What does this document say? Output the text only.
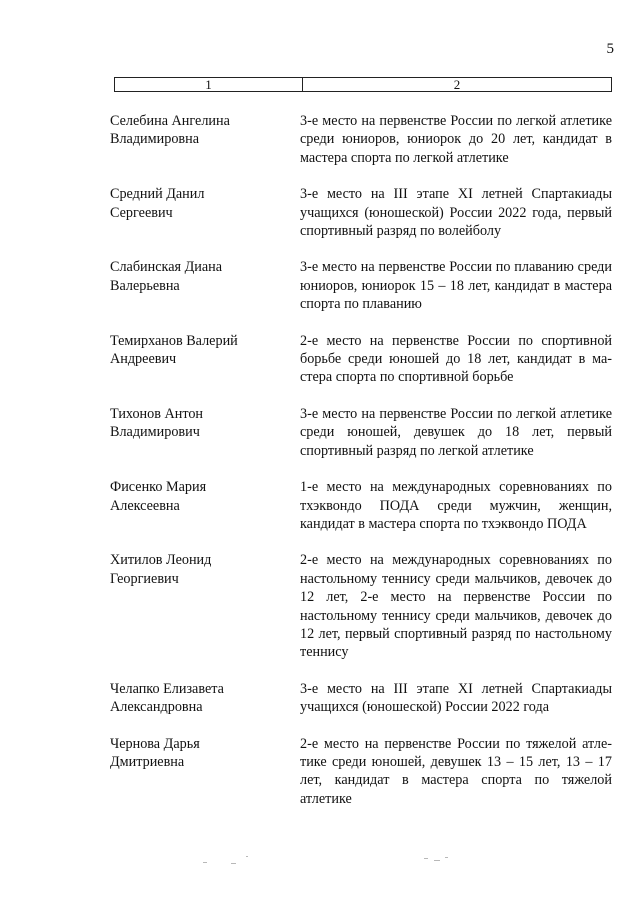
5
1	2
Селебина Ангелина
Владимировна
3-е место на первенстве России по легкой атлетике среди юниоров, юниорок до 20 лет, кандидат в мастера спорта по легкой атлетике
Средний Данил
Сергеевич
3-е место на III этапе XI летней Спартакиады учащихся (юношеской) России 2022 года, первый спортивный разряд по волейболу
Слабинская Диана
Валерьевна
3-е место на первенстве России по плаванию среди юниоров, юниорок 15 – 18 лет, кандидат в мастера спорта по плаванию
Темирханов Валерий
Андреевич
2-е место на первенстве России по спортивной борьбе среди юношей до 18 лет, кандидат в мастера спорта по спортивной борьбе
Тихонов Антон
Владимирович
3-е место на первенстве России по легкой атлетике среди юношей, девушек до 18 лет, первый спортивный разряд по легкой атлетике
Фисенко Мария
Алексеевна
1-е место на международных соревнованиях по тхэквондо ПОДА среди мужчин, женщин, кандидат в мастера спорта по тхэквондо ПОДА
Хитилов Леонид
Георгиевич
2-е место на международных соревнованиях по настольному теннису среди мальчиков, девочек до 12 лет, 2-е место на первенстве России по настольному теннису среди мальчиков, девочек до 12 лет, первый спортивный разряд по настольному теннису
Челапко Елизавета
Александровна
3-е место на III этапе XI летней Спартакиады учащихся (юношеской) России 2022 года
Чернова Дарья
Дмитриевна
2-е место на первенстве России по тяжелой атлетике среди юношей, девушек 13 – 15 лет, 13 – 17 лет, кандидат в мастера спорта по тяжелой атлетике
